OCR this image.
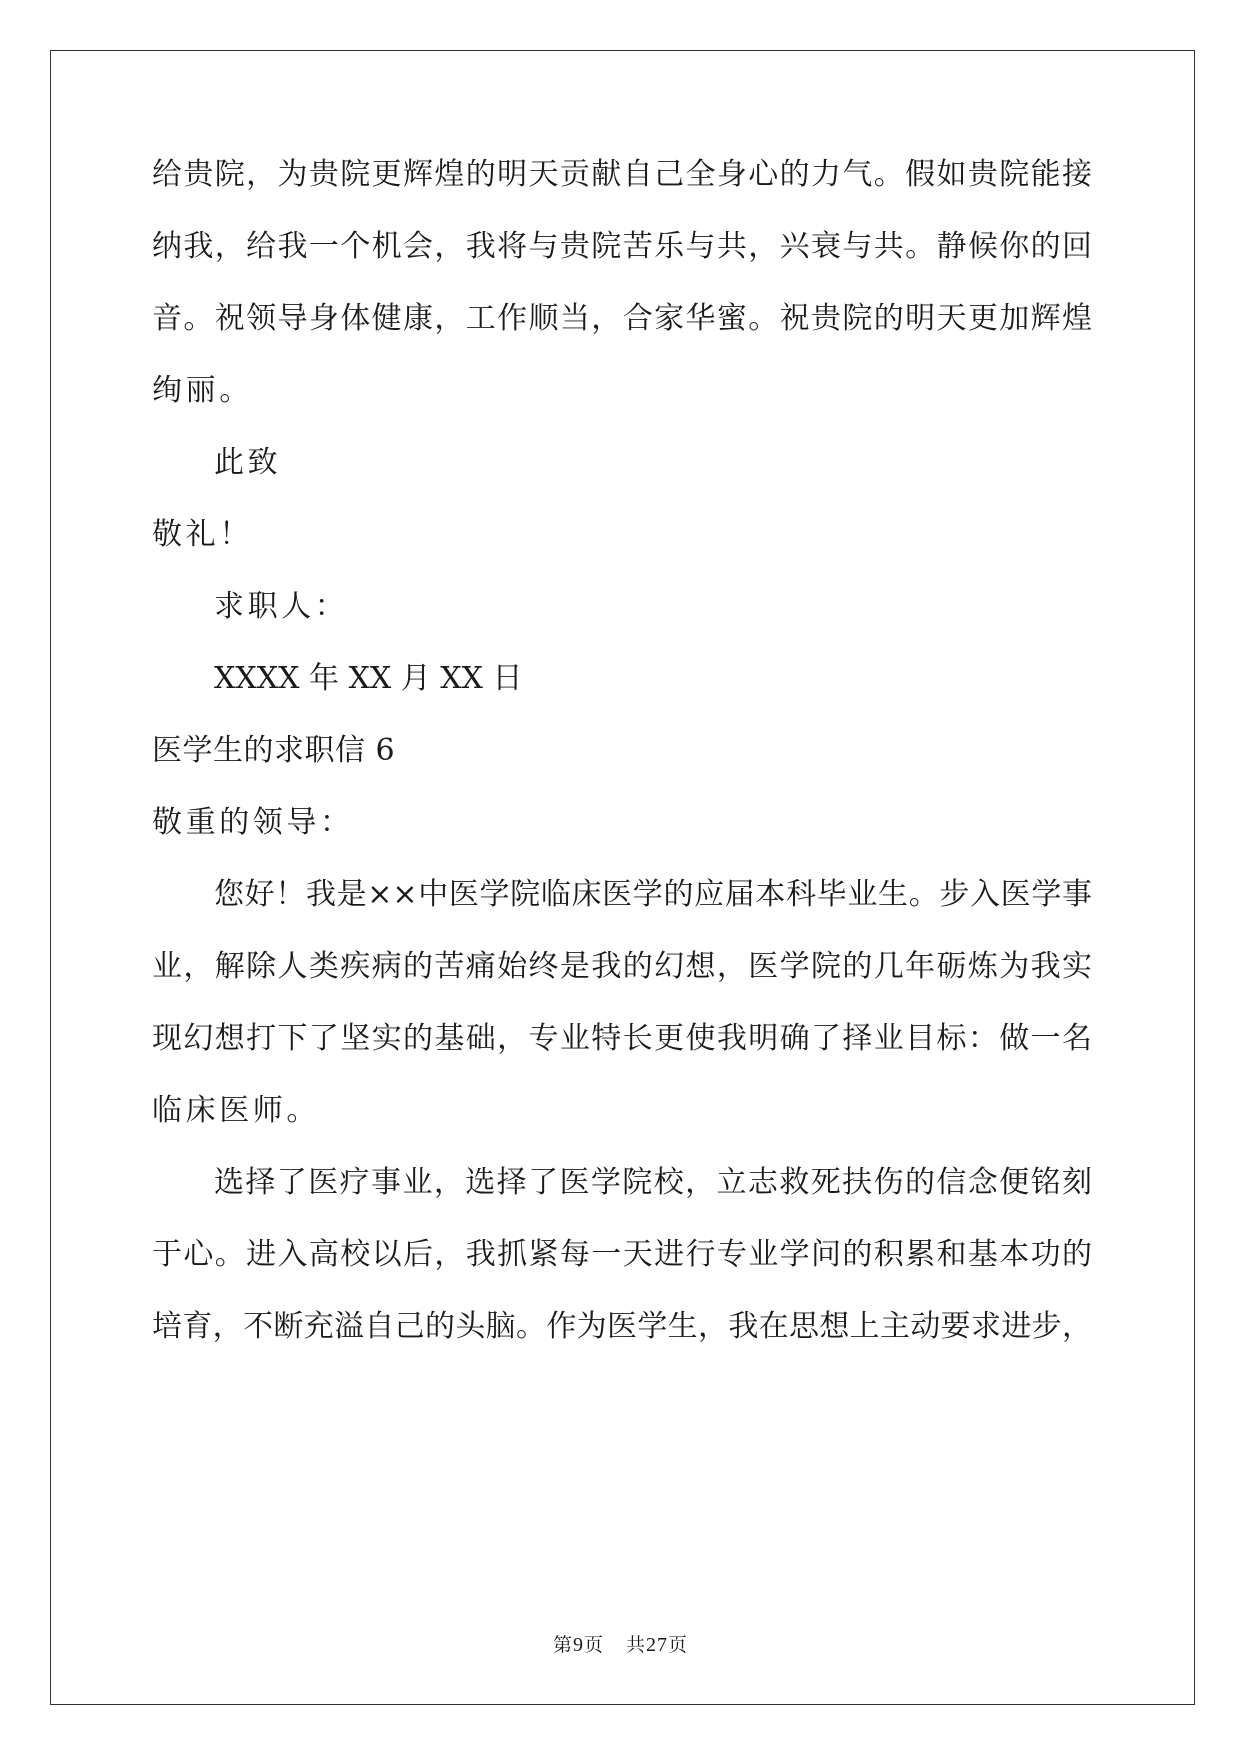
给贵院，为贵院更辉煌的明天贡献自己全身心的力气。假如贵院能接
纳我，给我一个机会，我将与贵院苦乐与共，兴衰与共。静候你的回
音。祝领导身体健康，工作顺当，合家华蜜。祝贵院的明天更加辉煌
绚丽。
此致
敬礼！
求职人：
XXXX 年 XX 月 XX 日
医学生的求职信 6
敬重的领导：
您好！我是××中医学院临床医学的应届本科毕业生。步入医学事
业，解除人类疾病的苦痛始终是我的幻想，医学院的几年砺炼为我实
现幻想打下了坚实的基础，专业特长更使我明确了择业目标：做一名
临床医师。
选择了医疗事业，选择了医学院校，立志救死扶伤的信念便铭刻
于心。进入高校以后，我抓紧每一天进行专业学问的积累和基本功的
培育，不断充溢自己的头脑。作为医学生，我在思想上主动要求进步，
第9页 共27页
